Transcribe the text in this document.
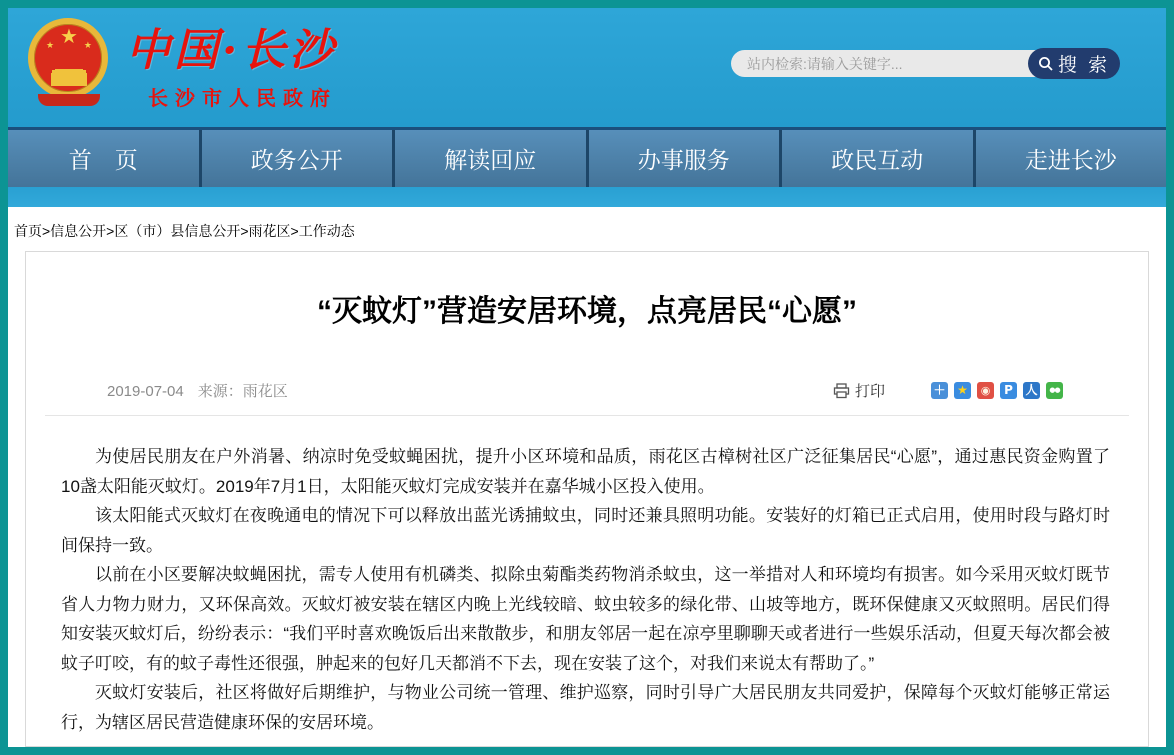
★
★	★ 中国·长沙
长沙市人民政府
站内检索:请输入关键字...
搜 索
首　页	政务公开	解读回应	办事服务	政民互动	走进长沙
首页>信息公开>区（市）县信息公开>雨花区>工作动态
“灭蚊灯”营造安居环境，点亮居民“心愿”
2019-07-04 来源：雨花区	打印	＋ ★	◉	P	人	●●

为使居民朋友在户外消暑、纳凉时免受蚊蝇困扰，提升小区环境和品质，雨花区古樟树社区广泛征集居民“心愿”，通过惠民资金购置了10盏太阳能灭蚊灯。2019年7月1日，太阳能灭蚊灯完成安装并在嘉华城小区投入使用。

该太阳能式灭蚊灯在夜晚通电的情况下可以释放出蓝光诱捕蚊虫，同时还兼具照明功能。安装好的灯箱已正式启用，使用时段与路灯时间保持一致。

以前在小区要解决蚊蝇困扰，需专人使用有机磷类、拟除虫菊酯类药物消杀蚊虫，这一举措对人和环境均有损害。如今采用灭蚊灯既节省人力物力财力，又环保高效。灭蚊灯被安装在辖区内晚上光线较暗、蚊虫较多的绿化带、山坡等地方，既环保健康又灭蚊照明。居民们得知安装灭蚊灯后，纷纷表示：“我们平时喜欢晚饭后出来散散步，和朋友邻居一起在凉亭里聊聊天或者进行一些娱乐活动，但夏天每次都会被蚊子叮咬，有的蚊子毒性还很强，肿起来的包好几天都消不下去，现在安装了这个，对我们来说太有帮助了。”

灭蚊灯安装后，社区将做好后期维护，与物业公司统一管理、维护巡察，同时引导广大居民朋友共同爱护，保障每个灭蚊灯能够正常运行，为辖区居民营造健康环保的安居环境。
